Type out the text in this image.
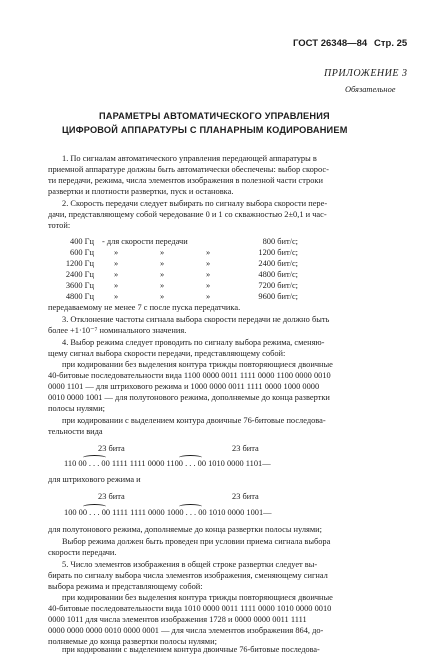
ГОСТ 26348—84 Стр. 25
ПРИЛОЖЕНИЕ 3
Обязательное
ПАРАМЕТРЫ АВТОМАТИЧЕСКОГО УПРАВЛЕНИЯ
ЦИФРОВОЙ АППАРАТУРЫ С ПЛАНАРНЫМ КОДИРОВАНИЕМ
1. По сигналам автоматического управления передающей аппаратуры в
приемной аппаратуре должны быть автоматически обеспечены: выбор скорос-
ти передачи, режима, числа элементов изображения в полезной части строки
развертки и плотности развертки, пуск и остановка.
2. Скорость передачи следует выбирать по сигналу выбора скорости пере-
дачи, представляющему собой чередование 0 и 1 со скважностью 2±0,1 и час-
тотой:
400 Гц		- для скорости передачи	800 бит/с;
600 Гц		» » »	1200 бит/с;
1200 Гц		» » »	2400 бит/с;
2400 Гц		» » »	4800 бит/с;
3600 Гц		» » »	7200 бит/с;
4800 Гц		» » »	9600 бит/с;
передаваемому не менее 7 с после пуска передатчика.
3. Отклонение частоты сигнала выбора скорости передачи не должно быть
более +1·10⁻⁷ номинального значения.
4. Выбор режима следует проводить по сигналу выбора режима, сменяю-
щему сигнал выбора скорости передачи, представляющему собой:
при кодировании без выделения контура трижды повторяющиеся двоичные
40-битовые последовательности вида 1100 0000 0011 1111 0000 1100 0000 0010
0000 1101 — для штрихового режима и 1000 0000 0011 1111 0000 1000 0000
0010 0000 1001 — для полутонового режима, дополняемые до конца развертки
полосы нулями;
при кодировании с выделением контура двоичные 76-битовые последова-
тельности вида
23 бита	23 бита
110 0
0 . . . 00 1111 1111 0000 110
0 . . . 00 1010 0000 1101—
для штрихового режима и
23 бита	23 бита
100 0
0 . . . 00 1111 1111 0000 100
0 . . . 00 1010 0000 1001—
для полутонового режима, дополняемые до конца развертки полосы нулями;
Выбор режима должен быть проведен при условии приема сигнала выбора
скорости передачи.
5. Число элементов изображения в общей строке развертки следует вы-
бирать по сигналу выбора числа элементов изображения, сменяющему сигнал
выбора режима и представляющему собой:
при кодировании без выделения контура трижды повторяющиеся двоичные
40-битовые последовательности вида 1010 0000 0011 1111 0000 1010 0000 0010
0000 1011 для числа элементов изображения 1728 и 0000 0000 0011 1111
0000 0000 0000 0010 0000 0001 — для числа элементов изображения 864, до-
полняемые до конца развертки полосы нулями;
при кодировании с выделением контура двоичные 76-битовые последова-
